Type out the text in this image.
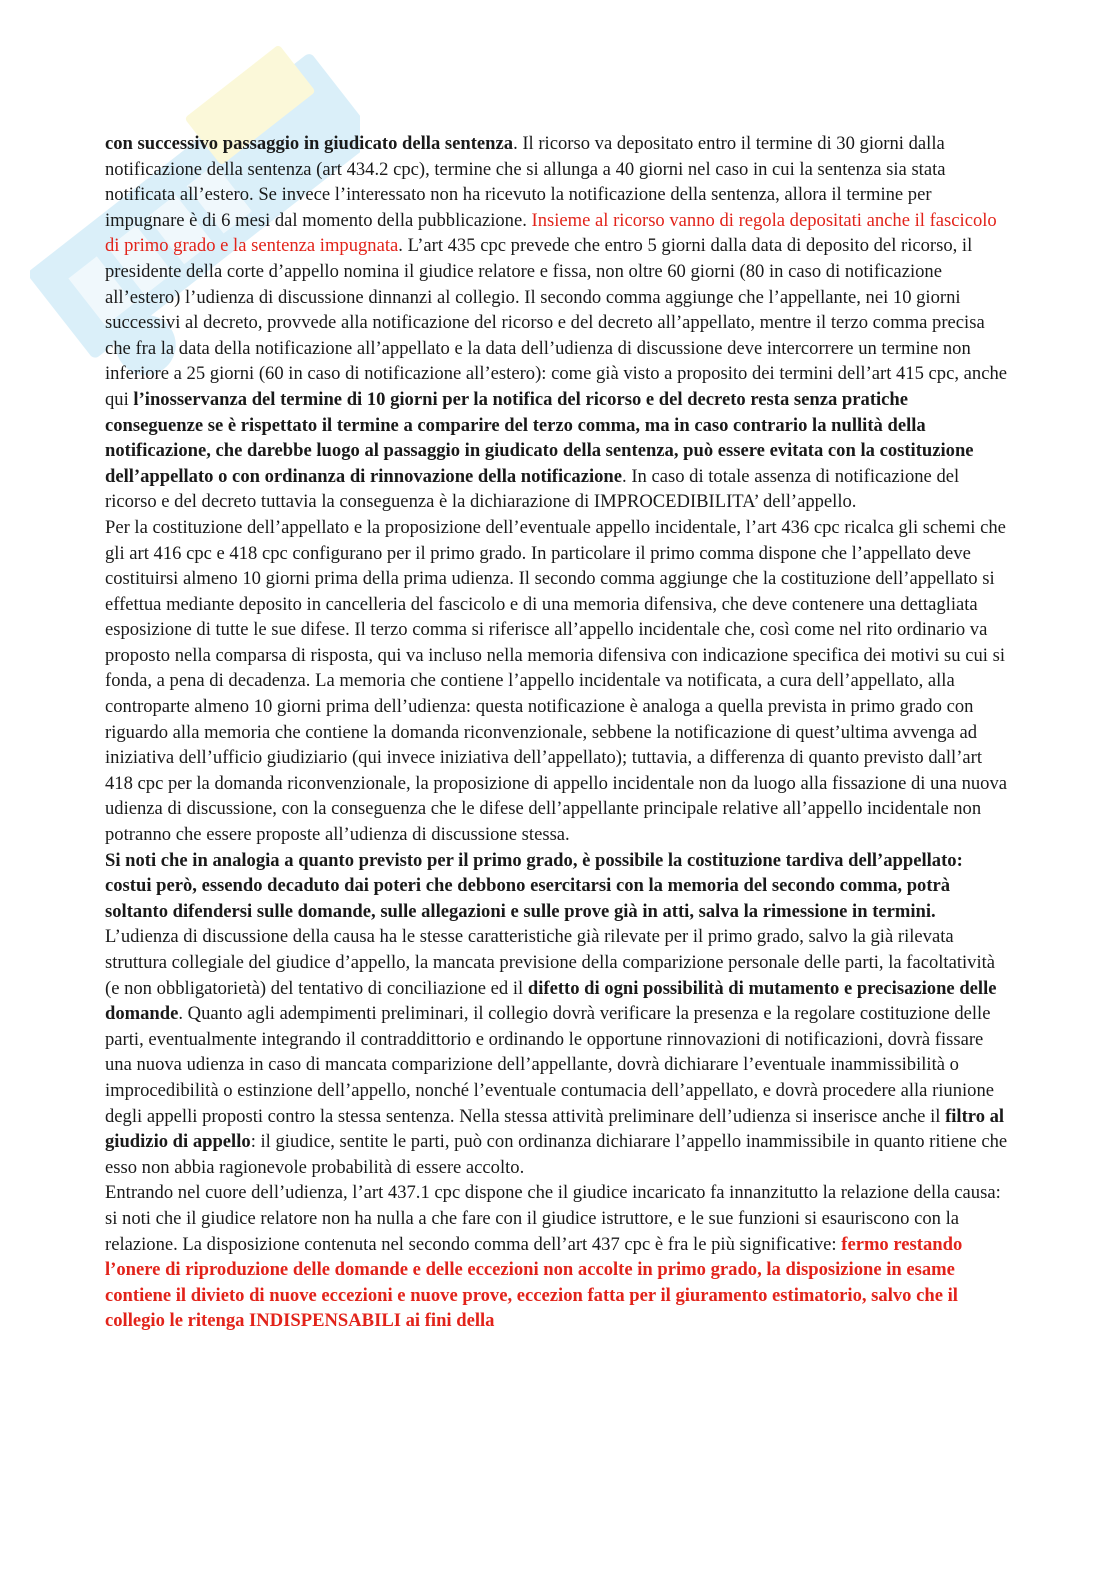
con successivo passaggio in giudicato della sentenza. Il ricorso va depositato entro il termine di 30 giorni dalla notificazione della sentenza (art 434.2 cpc), termine che si allunga a 40 giorni nel caso in cui la sentenza sia stata notificata all’estero. Se invece l’interessato non ha ricevuto la notificazione della sentenza, allora il termine per impugnare è di 6 mesi dal momento della pubblicazione. Insieme al ricorso vanno di regola depositati anche il fascicolo di primo grado e la sentenza impugnata. L’art 435 cpc prevede che entro 5 giorni dalla data di deposito del ricorso, il presidente della corte d’appello nomina il giudice relatore e fissa, non oltre 60 giorni (80 in caso di notificazione all’estero) l’udienza di discussione dinnanzi al collegio. Il secondo comma aggiunge che l’appellante, nei 10 giorni successivi al decreto, provvede alla notificazione del ricorso e del decreto all’appellato, mentre il terzo comma precisa che fra la data della notificazione all’appellato e la data dell’udienza di discussione deve intercorrere un termine non inferiore a 25 giorni (60 in caso di notificazione all’estero): come già visto a proposito dei termini dell’art 415 cpc, anche qui l’inosservanza del termine di 10 giorni per la notifica del ricorso e del decreto resta senza pratiche conseguenze se è rispettato il termine a comparire del terzo comma, ma in caso contrario la nullità della notificazione, che darebbe luogo al passaggio in giudicato della sentenza, può essere evitata con la costituzione dell’appellato o con ordinanza di rinnovazione della notificazione. In caso di totale assenza di notificazione del ricorso e del decreto tuttavia la conseguenza è la dichiarazione di IMPROCEDIBILITA’ dell’appello.

Per la costituzione dell’appellato e la proposizione dell’eventuale appello incidentale, l’art 436 cpc ricalca gli schemi che gli art 416 cpc e 418 cpc configurano per il primo grado. In particolare il primo comma dispone che l’appellato deve costituirsi almeno 10 giorni prima della prima udienza. Il secondo comma aggiunge che la costituzione dell’appellato si effettua mediante deposito in cancelleria del fascicolo e di una memoria difensiva, che deve contenere una dettagliata esposizione di tutte le sue difese. Il terzo comma si riferisce all’appello incidentale che, così come nel rito ordinario va proposto nella comparsa di risposta, qui va incluso nella memoria difensiva con indicazione specifica dei motivi su cui si fonda, a pena di decadenza. La memoria che contiene l’appello incidentale va notificata, a cura dell’appellato, alla controparte almeno 10 giorni prima dell’udienza: questa notificazione è analoga a quella prevista in primo grado con riguardo alla memoria che contiene la domanda riconvenzionale, sebbene la notificazione di quest’ultima avvenga ad iniziativa dell’ufficio giudiziario (qui invece iniziativa dell’appellato); tuttavia, a differenza di quanto previsto dall’art 418 cpc per la domanda riconvenzionale, la proposizione di appello incidentale non da luogo alla fissazione di una nuova udienza di discussione, con la conseguenza che le difese dell’appellante principale relative all’appello incidentale non potranno che essere proposte all’udienza di discussione stessa.

Si noti che in analogia a quanto previsto per il primo grado, è possibile la costituzione tardiva dell’appellato: costui però, essendo decaduto dai poteri che debbono esercitarsi con la memoria del secondo comma, potrà soltanto difendersi sulle domande, sulle allegazioni e sulle prove già in atti, salva la rimessione in termini.

L’udienza di discussione della causa ha le stesse caratteristiche già rilevate per il primo grado, salvo la già rilevata struttura collegiale del giudice d’appello, la mancata previsione della comparizione personale delle parti, la facoltatività (e non obbligatorietà) del tentativo di conciliazione ed il difetto di ogni possibilità di mutamento e precisazione delle domande. Quanto agli adempimenti preliminari, il collegio dovrà verificare la presenza e la regolare costituzione delle parti, eventualmente integrando il contraddittorio e ordinando le opportune rinnovazioni di notificazioni, dovrà fissare una nuova udienza in caso di mancata comparizione dell’appellante, dovrà dichiarare l’eventuale inammissibilità o improcedibilità o estinzione dell’appello, nonché l’eventuale contumacia dell’appellato, e dovrà procedere alla riunione degli appelli proposti contro la stessa sentenza. Nella stessa attività preliminare dell’udienza si inserisce anche il filtro al giudizio di appello: il giudice, sentite le parti, può con ordinanza dichiarare l’appello inammissibile in quanto ritiene che esso non abbia ragionevole probabilità di essere accolto.

Entrando nel cuore dell’udienza, l’art 437.1 cpc dispone che il giudice incaricato fa innanzitutto la relazione della causa: si noti che il giudice relatore non ha nulla a che fare con il giudice istruttore, e le sue funzioni si esauriscono con la relazione. La disposizione contenuta nel secondo comma dell’art 437 cpc è fra le più significative: fermo restando l’onere di riproduzione delle domande e delle eccezioni non accolte in primo grado, la disposizione in esame contiene il divieto di nuove eccezioni e nuove prove, eccezion fatta per il giuramento estimatorio, salvo che il collegio le ritenga INDISPENSABILI ai fini della
